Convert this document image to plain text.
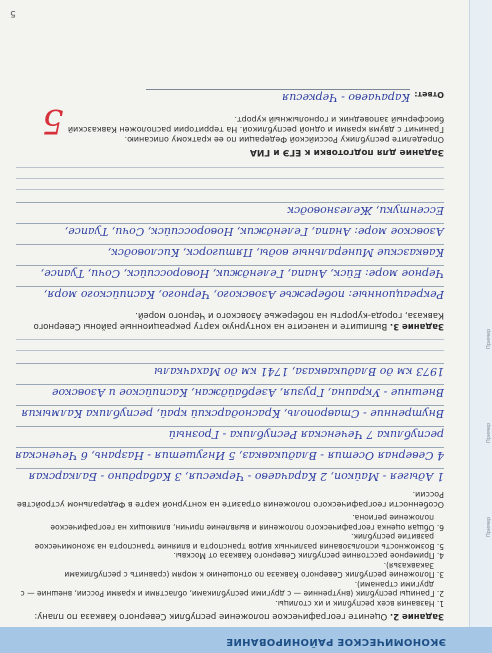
ЭКОНОМИЧЕСКОЕ РАЙОНИРОВАНИЕ
Пример
Пример
Пример

Задание 2. Оцените географическое положение республик Северного Кавказа по плану:

1. Названия всех республик и их столицы.
2. Границы республик (внутренние — с другими республиками, областями и краями России, внешние — с другими странами).
3. Положение республик Северного Кавказа по отношению к морям (сравнить с республиками Закавказья).
4. Примерное расстояние республик Северного Кавказа от Москвы.
5. Возможность использования различных видов транспорта и влияние транспорта на экономическое развитие республик.
6. Общая оценка географического положения и выявление причин, влияющих на географическое положение региона.

Особенности географического положения отразите на контурной карте в Федеральном устройстве России.

1 Адыгея - Майкоп, 2 Карачаево - Черкесия, 3 Кабардино - Балкарская
4 Северная Осетия - Владикавказ, 5 Ингушетия - Назрань, 6 Чеченская
республика 7 Чеченская Республика - Грозный
Внутренние - Ставрополь, Краснодарский край, республика Калмыкия
Внешние - Украина, Грузия, Азербайджан, Каспийское и Азовское
1973 км до Владикавказа, 1741 км до Махачкалы

Задание 3. Выпишите и нанесите на контурную карту рекреационные районы Северного Кавказа, города-курорты на побережье Азовского и Черного морей.

Рекреационные: побережье Азовского, Черного, Каспийского моря,
Черное море: Ейск, Анапа, Геленджик, Новороссийск, Сочи, Туапсе,
Кавказские Минеральные воды, Пятигорск, Кисловодск,
Азовское море: Анапа, Геленджик, Новороссийск, Сочи, Туапсе,
Ессентуки, Железноводск

Задание для подготовки к ЕГЭ и ГИА

Определите республику Российской Федерации по ее краткому описанию.

Граничит с двумя краями и одной республикой. На территории расположен Кавказский биосферный заповедник и горнолыжный курорт.

Ответ:
Карачаево - Черкесия
5
5
